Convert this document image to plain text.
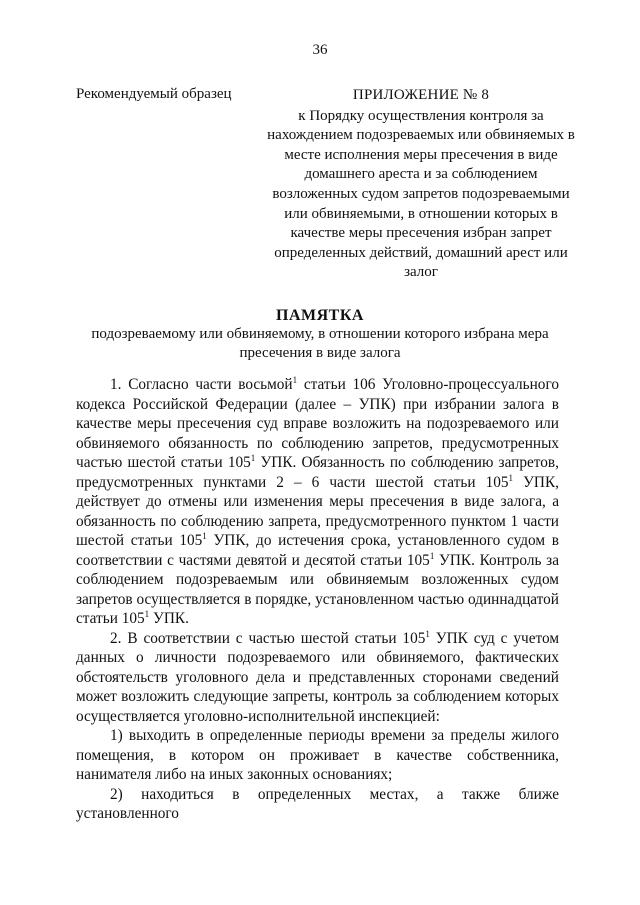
36
Рекомендуемый образец	ПРИЛОЖЕНИЕ № 8
к Порядку осуществления контроля за нахождением подозреваемых или обвиняемых в месте исполнения меры пресечения в виде домашнего ареста и за соблюдением возложенных судом запретов подозреваемыми или обвиняемыми, в отношении которых в качестве меры пресечения избран запрет определенных действий, домашний арест или залог
ПАМЯТКА
подозреваемому или обвиняемому, в отношении которого избрана мера пресечения в виде залога

1. Согласно части восьмой$^1$ статьи 106 Уголовно-процессуального кодекса Российской Федерации (далее – УПК) при избрании залога в качестве меры пресечения суд вправе возложить на подозреваемого или обвиняемого обязанность по соблюдению запретов, предусмотренных частью шестой статьи $105^1$ УПК. Обязанность по соблюдению запретов, предусмотренных пунктами 2 – 6 части шестой статьи $105^1$ УПК, действует до отмены или изменения меры пресечения в виде залога, а обязанность по соблюдению запрета, предусмотренного пунктом 1 части шестой статьи $105^1$ УПК, до истечения срока, установленного судом в соответствии с частями девятой и десятой статьи $105^1$ УПК. Контроль за соблюдением подозреваемым или обвиняемым возложенных судом запретов осуществляется в порядке, установленном частью одиннадцатой статьи $105^1$ УПК.

2. В соответствии с частью шестой статьи $105^1$ УПК суд с учетом данных о личности подозреваемого или обвиняемого, фактических обстоятельств уголовного дела и представленных сторонами сведений может возложить следующие запреты, контроль за соблюдением которых осуществляется уголовно-исполнительной инспекцией:

1) выходить в определенные периоды времени за пределы жилого помещения, в котором он проживает в качестве собственника, нанимателя либо на иных законных основаниях;

2) находиться в определенных местах, а также ближе установленного
